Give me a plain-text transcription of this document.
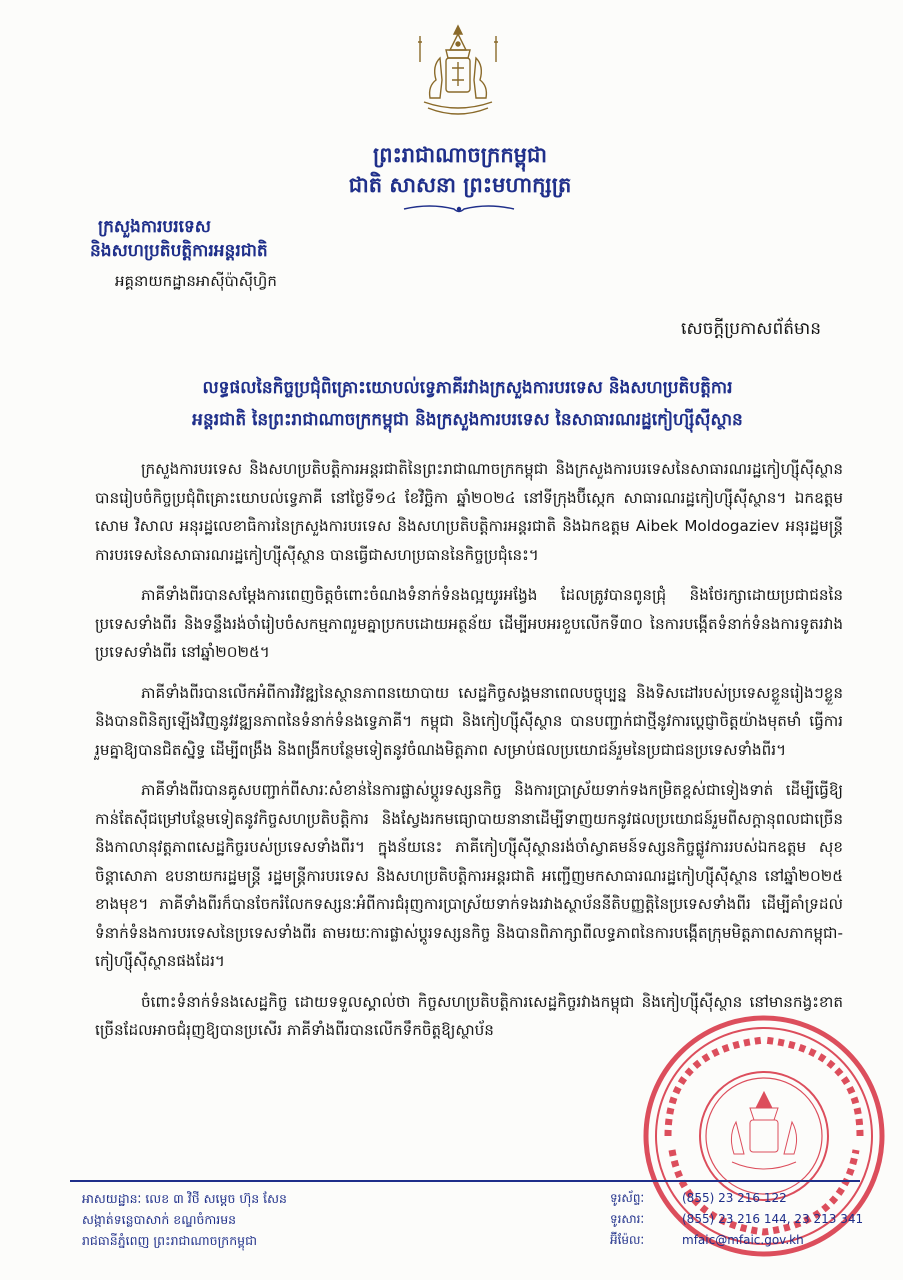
ព្រះរាជាណាចក្រកម្ពុជា
ជាតិ សាសនា ព្រះមហាក្សត្រ
ក្រសួងការបរទេស
និងសហប្រតិបត្តិការអន្តរជាតិ
អគ្គនាយកដ្ឋានអាស៊ីប៉ាស៊ីហ្វិក
សេចក្តីប្រកាសព័ត៌មាន
លទ្ធផលនៃកិច្ចប្រជុំពិគ្រោះយោបល់ទ្វេភាគីរវាងក្រសួងការបរទេស និងសហប្រតិបត្តិការ
អន្តរជាតិ នៃព្រះរាជាណាចក្រកម្ពុជា និងក្រសួងការបរទេស នៃសាធារណរដ្ឋកៀហ្ស៊ីស៊ីស្ថាន

ក្រសួងការបរទេស និងសហប្រតិបត្តិការអន្តរជាតិនៃព្រះរាជាណាចក្រកម្ពុជា និងក្រសួងការបរទេសនៃសាធារណរដ្ឋកៀហ្ស៊ីស៊ីស្ថាន បានរៀបចំកិច្ចប្រជុំពិគ្រោះយោបល់ទ្វេភាគី នៅថ្ងៃទី១៤ ខែវិច្ឆិកា ឆ្នាំ២០២៤ នៅទីក្រុងប៊ីស្កេក សាធារណរដ្ឋកៀហ្ស៊ីស៊ីស្ថាន។ ឯកឧត្តម សោម វិសាល អនុរដ្ឋលេខាធិការនៃក្រសួងការបរទេស និងសហប្រតិបត្តិការអន្តរជាតិ និងឯកឧត្តម Aibek Moldogaziev អនុរដ្ឋមន្ត្រីការបរទេសនៃសាធារណរដ្ឋកៀហ្ស៊ីស៊ីស្ថាន បានធ្វើជាសហប្រធាននៃកិច្ចប្រជុំនេះ។

ភាគីទាំងពីរបានសម្តែងការពេញចិត្តចំពោះចំណងទំនាក់ទំនងល្អយូរអង្វែង ដែលត្រូវបានពូនជ្រុំ និងថែរក្សាដោយប្រជាជននៃប្រទេសទាំងពីរ និងទន្ទឹងរង់ចាំរៀបចំសកម្មភាពរួមគ្នាប្រកបដោយអត្ថន័យ ដើម្បីអបអរខួបលើកទី៣០ នៃការបង្កើតទំនាក់ទំនងការទូតរវាងប្រទេសទាំងពីរ នៅឆ្នាំ២០២៥។

ភាគីទាំងពីរបានលើកអំពីការវិវឌ្ឍនៃស្ថានភាពនយោបាយ សេដ្ឋកិច្ចសង្គមនាពេលបច្ចុប្បន្ន និងទិសដៅរបស់ប្រទេសខ្លួនរៀងៗខ្លួន និងបានពិនិត្យឡើងវិញនូវវឌ្ឍនភាពនៃទំនាក់ទំនងទ្វេភាគី។ កម្ពុជា និងកៀហ្ស៊ីស៊ីស្ថាន បានបញ្ជាក់ជាថ្មីនូវការប្តេជ្ញាចិត្តយ៉ាងមុតមាំ ធ្វើការរួមគ្នាឱ្យបានជិតស្និទ្ធ ដើម្បីពង្រឹង និងពង្រីកបន្ថែមទៀតនូវចំណងមិត្តភាព សម្រាប់ផលប្រយោជន៍រួមនៃប្រជាជនប្រទេសទាំងពីរ។

ភាគីទាំងពីរបានគូសបញ្ជាក់ពីសារៈសំខាន់នៃការផ្លាស់ប្តូរទស្សនកិច្ច និងការប្រាស្រ័យទាក់ទងកម្រិតខ្ពស់ជាទៀងទាត់ ដើម្បីធ្វើឱ្យកាន់តែស៊ីជម្រៅបន្ថែមទៀតនូវកិច្ចសហប្រតិបត្តិការ និងស្វែងរកមធ្យោបាយនានាដើម្បីទាញយកនូវផលប្រយោជន៍រួមពីសក្តានុពលជាច្រើន និងកាលានុវត្តភាពសេដ្ឋកិច្ចរបស់ប្រទេសទាំងពីរ។ ក្នុងន័យនេះ ភាគីកៀហ្ស៊ីស៊ីស្ថានរង់ចាំស្វាគមន៍ទស្សនកិច្ចផ្លូវការរបស់ឯកឧត្តម សុខ ចិន្តាសោភា ឧបនាយករដ្ឋមន្ត្រី រដ្ឋមន្ត្រីការបរទេស និងសហប្រតិបត្តិការអន្តរជាតិ អញ្ជើញមកសាធារណរដ្ឋកៀហ្ស៊ីស៊ីស្ថាន នៅឆ្នាំ២០២៥ ខាងមុខ។ ភាគីទាំងពីរក៏បានចែករំលែកទស្សនៈអំពីការជំរុញការប្រាស្រ័យទាក់ទងរវាងស្ថាប័ននីតិបញ្ញត្តិនៃប្រទេសទាំងពីរ ដើម្បីគាំទ្រដល់ទំនាក់ទំនងការបរទេសនៃប្រទេសទាំងពីរ តាមរយៈការផ្លាស់ប្តូរទស្សនកិច្ច និងបានពិភាក្សាពីលទ្ធភាពនៃការបង្កើតក្រុមមិត្តភាពសភាកម្ពុជា-កៀហ្ស៊ីស៊ីស្ថានផងដែរ។

ចំពោះទំនាក់ទំនងសេដ្ឋកិច្ច ដោយទទួលស្គាល់ថា កិច្ចសហប្រតិបត្តិការសេដ្ឋកិច្ចរវាងកម្ពុជា និងកៀហ្ស៊ីស៊ីស្ថាន នៅមានកង្វះខាតច្រើនដែលអាចជំរុញឱ្យបានប្រសើរ ភាគីទាំងពីរបានលើកទឹកចិត្តឱ្យស្ថាប័ន

អាសយដ្ឋានៈ លេខ ៣ វិថី សម្តេច ហ៊ុន សែន
សង្កាត់ទន្លេបាសាក់ ខណ្ឌចំការមន
រាជធានីភ្នំពេញ ព្រះរាជាណាចក្រកម្ពុជា
ទូរស័ព្ទៈ	(855) 23 216 122
ទូរសារៈ	(855) 23 216 144, 23 213 341
អ៊ីម៉ែលៈ	mfaic@mfaic.gov.kh
